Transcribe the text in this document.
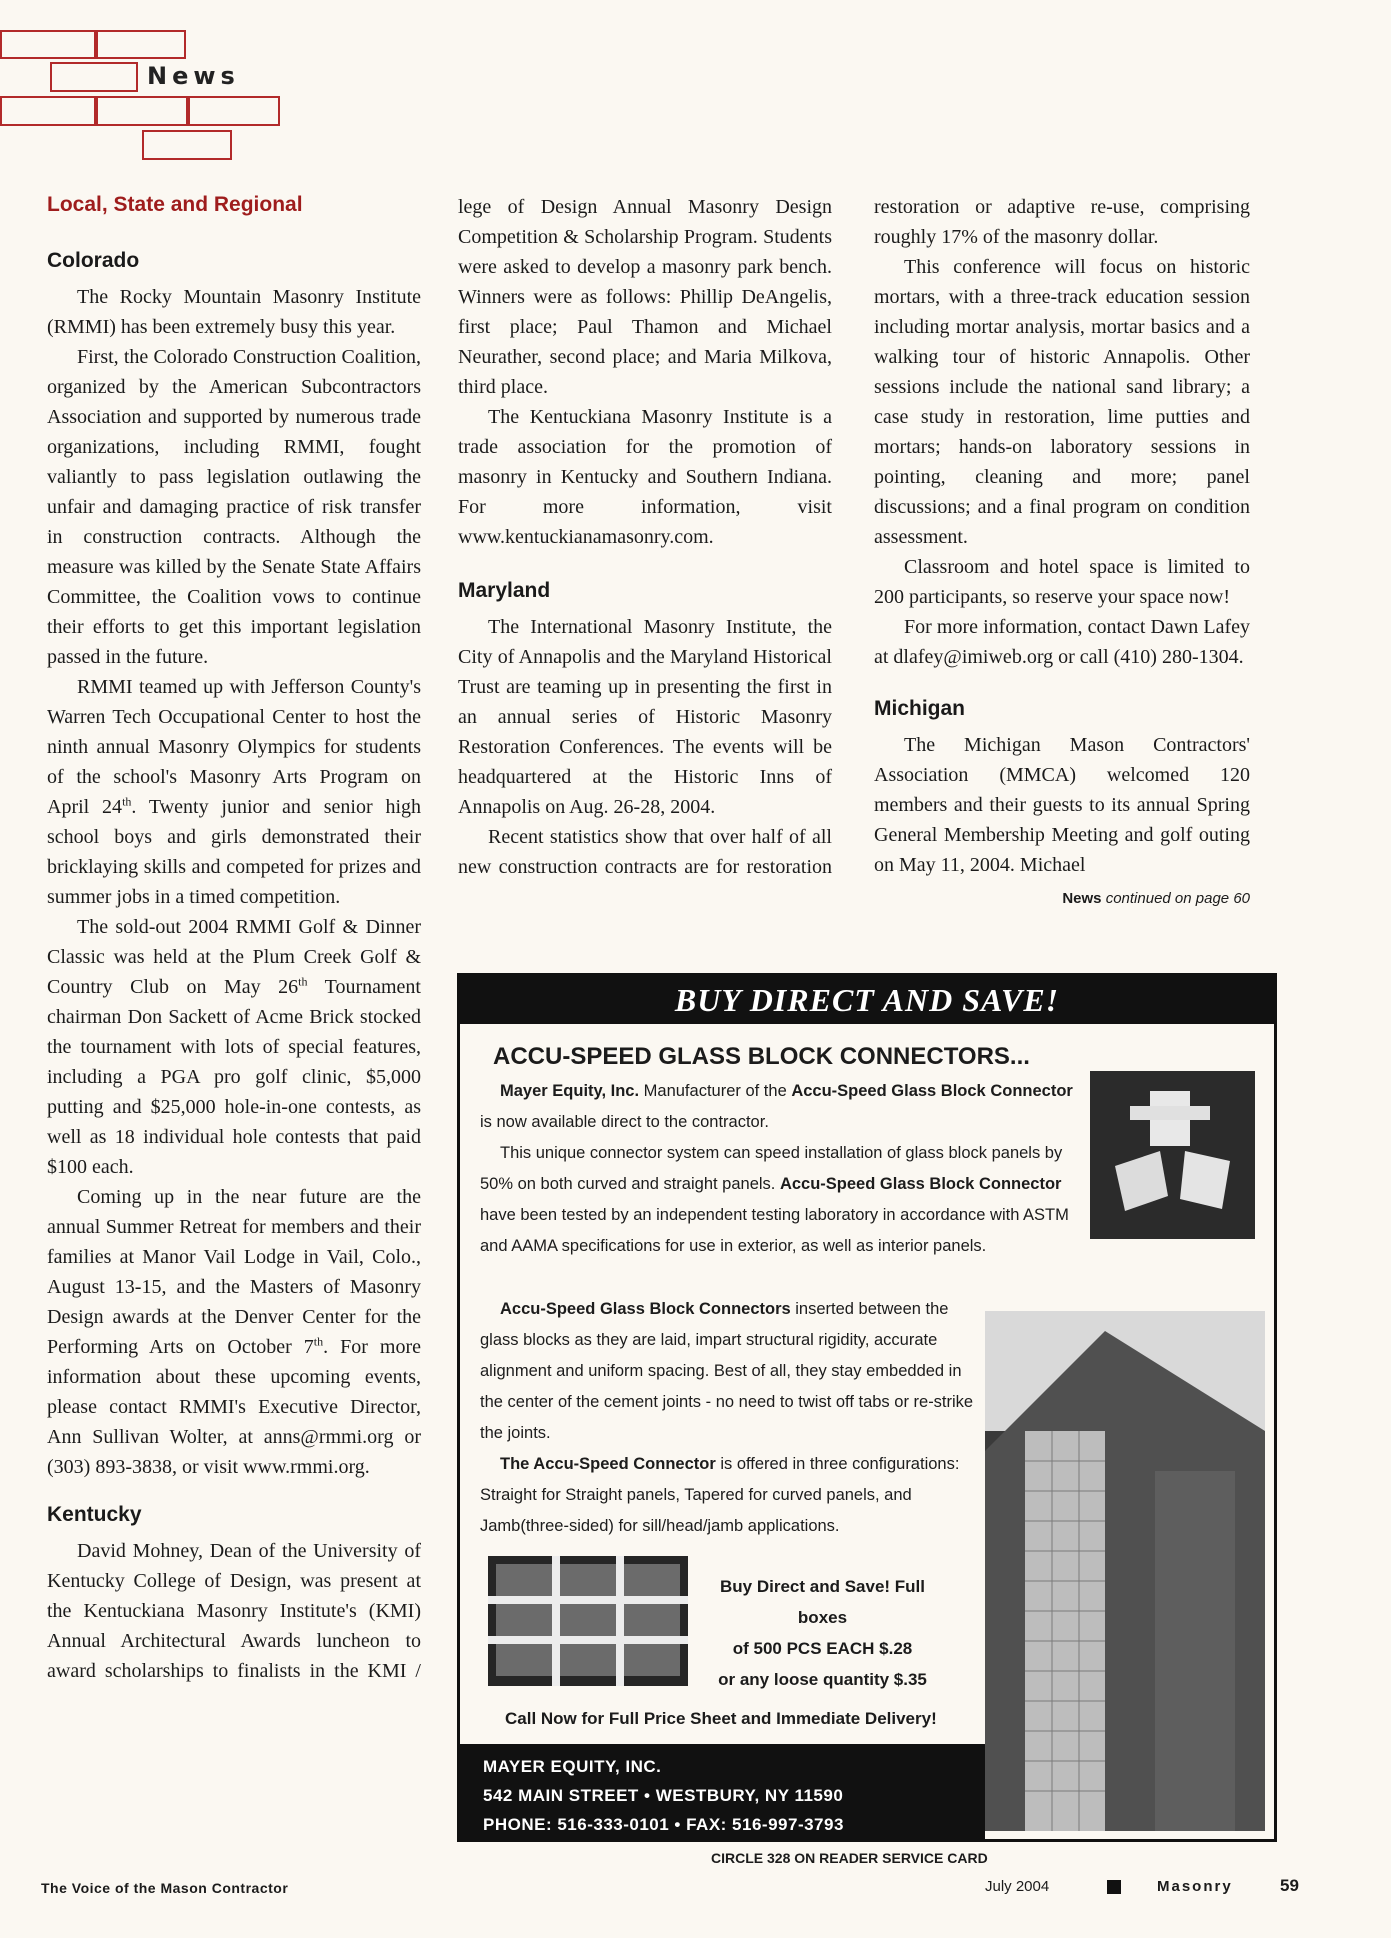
News
Local, State and Regional
Colorado

The Rocky Mountain Masonry Institute (RMMI) has been extremely busy this year.

First, the Colorado Construction Coalition, organized by the American Subcontractors Association and supported by numerous trade organizations, including RMMI, fought valiantly to pass legislation outlawing the unfair and damaging practice of risk transfer in construction contracts. Although the measure was killed by the Senate State Affairs Committee, the Coalition vows to continue their efforts to get this important legislation passed in the future.

RMMI teamed up with Jefferson County's Warren Tech Occupational Center to host the ninth annual Masonry Olympics for students of the school's Masonry Arts Program on April 24th. Twenty junior and senior high school boys and girls demonstrated their bricklaying skills and competed for prizes and summer jobs in a timed competition.

The sold-out 2004 RMMI Golf & Dinner Classic was held at the Plum Creek Golf & Country Club on May 26th Tournament chairman Don Sackett of Acme Brick stocked the tournament with lots of special features, including a PGA pro golf clinic, $5,000 putting and $25,000 hole-in-one contests, as well as 18 individual hole contests that paid $100 each.

Coming up in the near future are the annual Summer Retreat for members and their families at Manor Vail Lodge in Vail, Colo., August 13-15, and the Masters of Masonry Design awards at the Denver Center for the Performing Arts on October 7th. For more information about these upcoming events, please contact RMMI's Executive Director, Ann Sullivan Wolter, at anns@rmmi.org or (303) 893-3838, or visit www.rmmi.org.

Kentucky

David Mohney, Dean of the University of Kentucky College of Design, was present at the Kentuckiana Masonry Institute's (KMI) Annual Architectural Awards luncheon to award scholarships to finalists in the KMI /

lege of Design Annual Masonry Design Competition & Scholarship Program. Students were asked to develop a masonry park bench. Winners were as follows: Phillip DeAngelis, first place; Paul Thamon and Michael Neurather, second place; and Maria Milkova, third place.

The Kentuckiana Masonry Institute is a trade association for the promotion of masonry in Kentucky and Southern Indiana. For more information, visit www.kentuckianamasonry.com.

Maryland

The International Masonry Institute, the City of Annapolis and the Maryland Historical Trust are teaming up in presenting the first in an annual series of Historic Masonry Restoration Conferences. The events will be headquartered at the Historic Inns of Annapolis on Aug. 26-28, 2004.

Recent statistics show that over half of all new construction contracts are for restoration

restoration or adaptive re-use, comprising roughly 17% of the masonry dollar.

This conference will focus on historic mortars, with a three-track education session including mortar analysis, mortar basics and a walking tour of historic Annapolis. Other sessions include the national sand library; a case study in restoration, lime putties and mortars; hands-on laboratory sessions in pointing, cleaning and more; panel discussions; and a final program on condition assessment.

Classroom and hotel space is limited to 200 participants, so reserve your space now!

For more information, contact Dawn Lafey at dlafey@imiweb.org or call (410) 280-1304.

Michigan

The Michigan Mason Contractors' Association (MMCA) welcomed 120 members and their guests to its annual Spring General Membership Meeting and golf outing on May 11, 2004. Michael

News continued on page 60
BUY DIRECT AND SAVE!
ACCU-SPEED GLASS BLOCK CONNECTORS...

Mayer Equity, Inc. Manufacturer of the Accu-Speed Glass Block Connector is now available direct to the contractor.

This unique connector system can speed installation of glass block panels by 50% on both curved and straight panels. Accu-Speed Glass Block Connector have been tested by an independent testing laboratory in accordance with ASTM and AAMA specifications for use in exterior, as well as interior panels.

Accu-Speed Glass Block Connectors inserted between the glass blocks as they are laid, impart structural rigidity, accurate alignment and uniform spacing. Best of all, they stay embedded in the center of the cement joints - no need to twist off tabs or re-strike the joints.

The Accu-Speed Connector is offered in three configurations: Straight for Straight panels, Tapered for curved panels, and Jamb(three-sided) for sill/head/jamb applications.

Buy Direct and Save! Full boxes
of 500 PCS EACH $.28
or any loose quantity $.35
Call Now for Full Price Sheet and Immediate Delivery!
MAYER EQUITY, INC.
542 MAIN STREET • WESTBURY, NY 11590
PHONE: 516-333-0101 • FAX: 516-997-3793
CIRCLE 328 ON READER SERVICE CARD
The Voice of the Mason Contractor	July 2004	Masonry	59
